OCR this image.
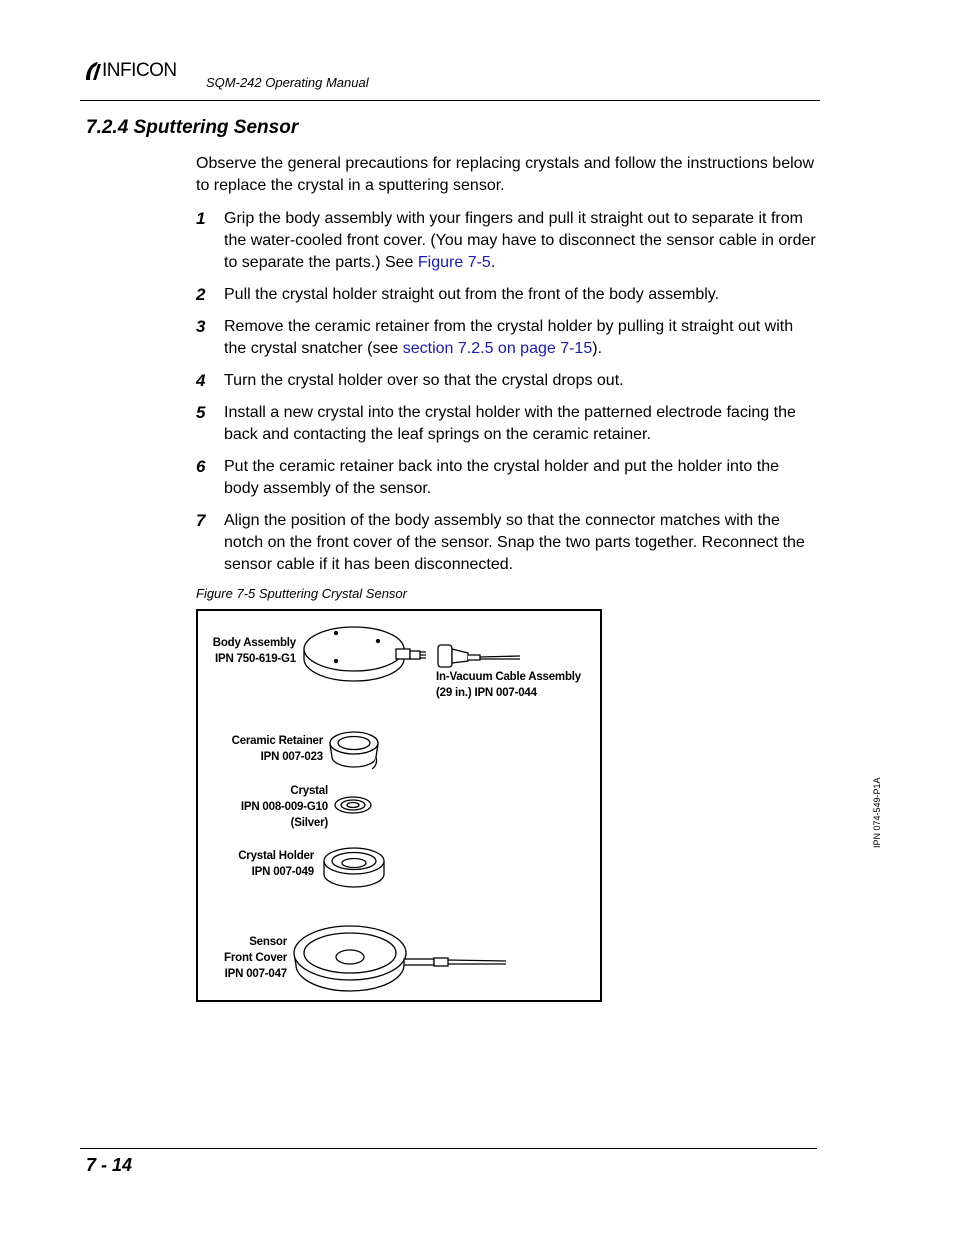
INFICON
SQM-242 Operating Manual
7.2.4 Sputtering Sensor

Observe the general precautions for replacing crystals and follow the instructions below to replace the crystal in a sputtering sensor.

1 Grip the body assembly with your fingers and pull it straight out to separate it from the water-cooled front cover. (You may have to disconnect the sensor cable in order to separate the parts.) See Figure 7-5.
2 Pull the crystal holder straight out from the front of the body assembly.
3 Remove the ceramic retainer from the crystal holder by pulling it straight out with the crystal snatcher (see section 7.2.5 on page 7-15).
4 Turn the crystal holder over so that the crystal drops out.
5 Install a new crystal into the crystal holder with the patterned electrode facing the back and contacting the leaf springs on the ceramic retainer.
6 Put the ceramic retainer back into the crystal holder and put the holder into the body assembly of the sensor.
7 Align the position of the body assembly so that the connector matches with the notch on the front cover of the sensor. Snap the two parts together. Reconnect the sensor cable if it has been disconnected.
Figure 7-5 Sputtering Crystal Sensor
Body Assembly
IPN 750-619-G1
In-Vacuum Cable Assembly
(29 in.) IPN 007-044
Ceramic Retainer
IPN 007-023
Crystal
IPN 008-009-G10
(Silver)
Crystal Holder
IPN 007-049
Sensor
Front Cover
IPN 007-047
IPN 074-549-P1A
7 - 14
